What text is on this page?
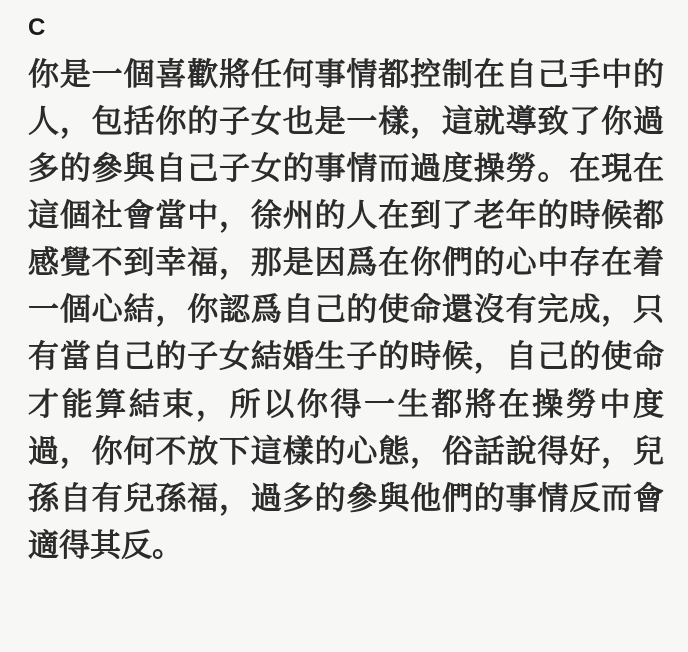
C

你是一個喜歡將任何事情都控制在自己手中的人，包括你的子女也是一樣，這就導致了你過多的參與自己子女的事情而過度操勞。在現在這個社會當中，徐州的人在到了老年的時候都感覺不到幸福，那是因爲在你們的心中存在着一個心結，你認爲自己的使命還沒有完成，只有當自己的子女結婚生子的時候，自己的使命才能算結束，所以你得一生都將在操勞中度過，你何不放下這樣的心態，俗話說得好，兒孫自有兒孫福，過多的參與他們的事情反而會適得其反。
